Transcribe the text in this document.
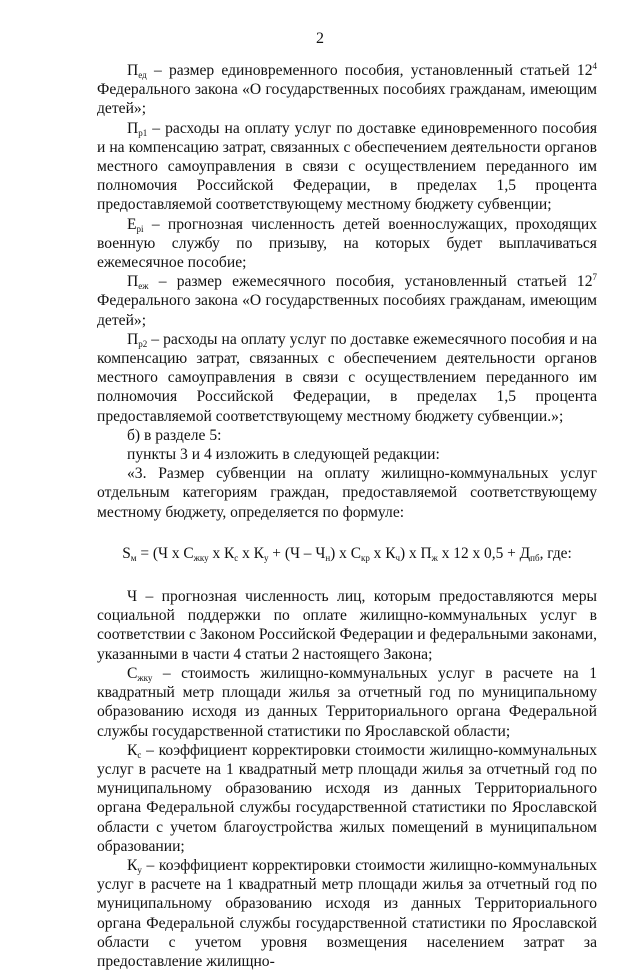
2

$П_{ед}$ – размер единовременного пособия, установленный статьей $12^4$ Федерального закона «О государственных пособиях гражданам, имеющим детей»;

$П_{р1}$ – расходы на оплату услуг по доставке единовременного пособия и на компенсацию затрат, связанных с обеспечением деятельности органов местного самоуправления в связи с осуществлением переданного им полномочия Российской Федерации, в пределах 1,5 процента предоставляемой соответствующему местному бюджету субвенции;

$Е_{рi}$ – прогнозная численность детей военнослужащих, проходящих военную службу по призыву, на которых будет выплачиваться ежемесячное пособие;

$П_{еж}$ – размер ежемесячного пособия, установленный статьей $12^7$ Федерального закона «О государственных пособиях гражданам, имеющим детей»;

$П_{р2}$ – расходы на оплату услуг по доставке ежемесячного пособия и на компенсацию затрат, связанных с обеспечением деятельности органов местного самоуправления в связи с осуществлением переданного им полномочия Российской Федерации, в пределах 1,5 процента предоставляемой соответствующему местному бюджету субвенции.»;

б) в разделе 5:

пункты 3 и 4 изложить в следующей редакции:

«3. Размер субвенции на оплату жилищно-коммунальных услуг отдельным категориям граждан, предоставляемой соответствующему местному бюджету, определяется по формуле:

$S_м = (Ч$ х $С_{жку}$ х $К_с$ х $К_у + (Ч - Ч_н)$ х $С_{кр}$ х $К_ч$) х $П_ж$ х 12 х $0,5 + Д_{пб}$, где:

Ч – прогнозная численность лиц, которым предоставляются меры социальной поддержки по оплате жилищно-коммунальных услуг в соответствии с Законом Российской Федерации и федеральными законами, указанными в части 4 статьи 2 настоящего Закона;

$С_{жку}$ – стоимость жилищно-коммунальных услуг в расчете на 1 квадратный метр площади жилья за отчетный год по муниципальному образованию исходя из данных Территориального органа Федеральной службы государственной статистики по Ярославской области;

$К_с$ – коэффициент корректировки стоимости жилищно-коммунальных услуг в расчете на 1 квадратный метр площади жилья за отчетный год по муниципальному образованию исходя из данных Территориального органа Федеральной службы государственной статистики по Ярославской области с учетом благоустройства жилых помещений в муниципальном образовании;

$К_у$ – коэффициент корректировки стоимости жилищно-коммунальных услуг в расчете на 1 квадратный метр площади жилья за отчетный год по муниципальному образованию исходя из данных Территориального органа Федеральной службы государственной статистики по Ярославской области с учетом уровня возмещения населением затрат за предоставление жилищно-
